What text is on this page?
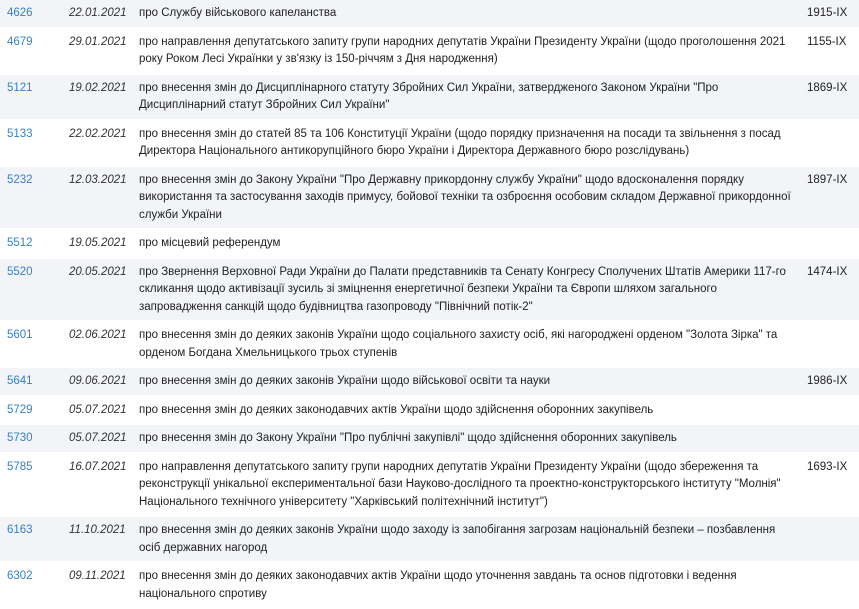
4626	22.01.2021	про Службу військового капеланства	1915-IX
4679	29.01.2021	про направлення депутатського запиту групи народних депутатів України Президенту України (щодо проголошення 2021 року Роком Лесі Українки у зв'язку із 150-річчям з Дня народження)	1155-IX
5121	19.02.2021	про внесення змін до Дисциплінарного статуту Збройних Сил України, затвердженого Законом України "Про Дисциплінарний статут Збройних Сил України"	1869-IX
5133	22.02.2021	про внесення змін до статей 85 та 106 Конституції України (щодо порядку призначення на посади та звільнення з посад Директора Національного антикорупційного бюро України і Директора Державного бюро розслідувань)	
5232	12.03.2021	про внесення змін до Закону України "Про Державну прикордонну службу України" щодо вдосконалення порядку використання та застосування заходів примусу, бойової техніки та озброєння особовим складом Державної прикордонної служби України	1897-IX
5512	19.05.2021	про місцевий референдум	
5520	20.05.2021	про Звернення Верховної Ради України до Палати представників та Сенату Конгресу Сполучених Штатів Америки 117-го скликання щодо активізації зусиль зі зміцнення енергетичної безпеки України та Європи шляхом загального запровадження санкцій щодо будівництва газопроводу "Північний потік-2"	1474-IX
5601	02.06.2021	про внесення змін до деяких законів України щодо соціального захисту осіб, які нагороджені орденом "Золота Зірка" та орденом Богдана Хмельницького трьох ступенів	
5641	09.06.2021	про внесення змін до деяких законів України щодо військової освіти та науки	1986-IX
5729	05.07.2021	про внесення змін до деяких законодавчих актів України щодо здійснення оборонних закупівель	
5730	05.07.2021	про внесення змін до Закону України "Про публічні закупівлі" щодо здійснення оборонних закупівель	
5785	16.07.2021	про направлення депутатського запиту групи народних депутатів України Президенту України (щодо збереження та реконструкції унікальної експериментальної бази Науково-дослідного та проектно-конструкторського інституту "Молнія" Національного технічного університету "Харківський політехнічний інститут")	1693-IX
6163	11.10.2021	про внесення змін до деяких законів України щодо заходу із запобігання загрозам національній безпеки – позбавлення осіб державних нагород	
6302	09.11.2021	про внесення змін до деяких законодавчих актів України щодо уточнення завдань та основ підготовки і ведення національного спротиву	
